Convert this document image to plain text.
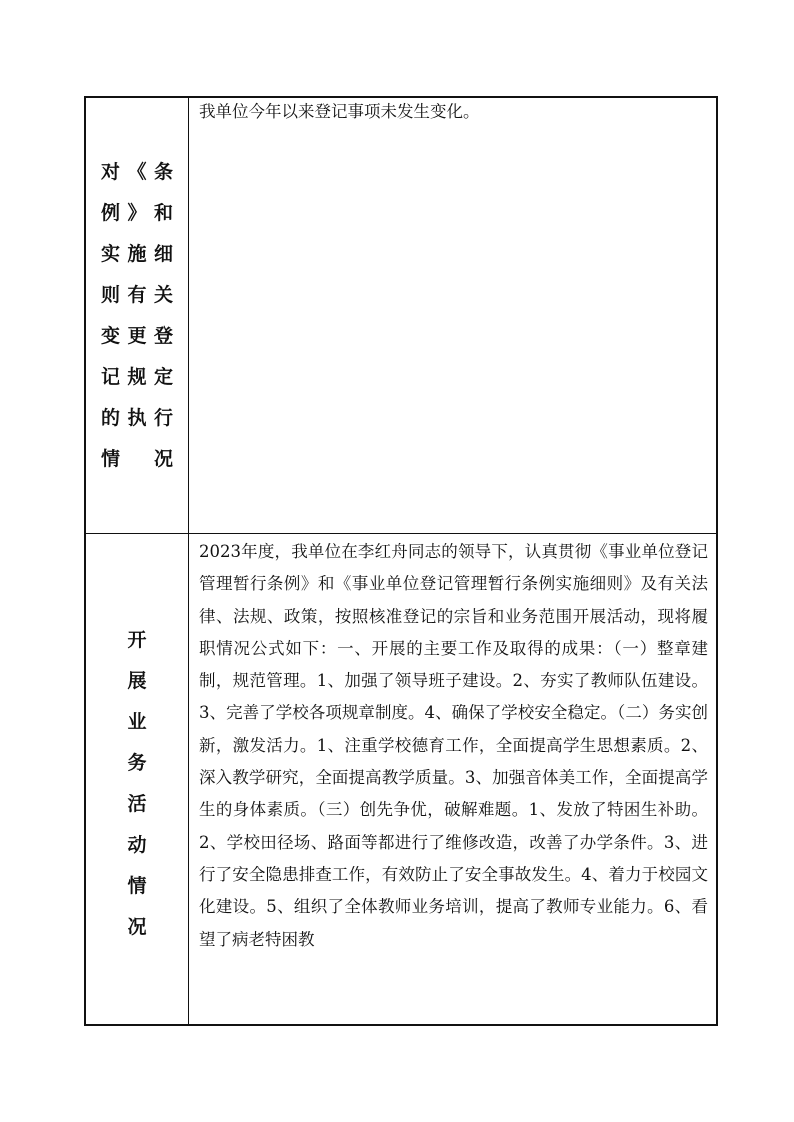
对《条
例》和
实施细
则有关
变更登
记规定
的执行
情　况
我单位今年以来登记事项未发生变化。
开
展
业
务
活
动
情
况
2023年度，我单位在李红舟同志的领导下，认真贯彻《事业单位登记管理暂行条例》和《事业单位登记管理暂行条例实施细则》及有关法律、法规、政策，按照核准登记的宗旨和业务范围开展活动，现将履职情况公式如下：一、开展的主要工作及取得的成果：（一）整章建制，规范管理。1、加强了领导班子建设。2、夯实了教师队伍建设。3、完善了学校各项规章制度。4、确保了学校安全稳定。（二）务实创新，激发活力。1、注重学校德育工作，全面提高学生思想素质。2、深入教学研究，全面提高教学质量。3、加强音体美工作，全面提高学生的身体素质。（三）创先争优，破解难题。1、发放了特困生补助。2、学校田径场、路面等都进行了维修改造，改善了办学条件。3、进行了安全隐患排查工作，有效防止了安全事故发生。4、着力于校园文化建设。5、组织了全体教师业务培训，提高了教师专业能力。6、看望了病老特困教
